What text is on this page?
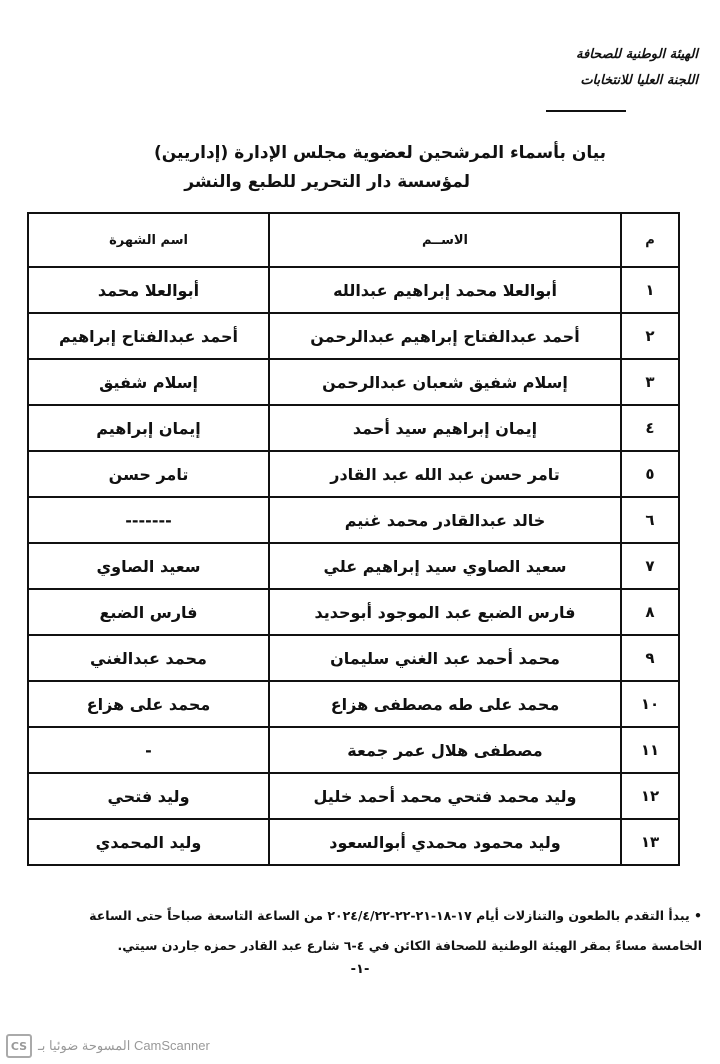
الهيئة الوطنية للصحافة
اللجنة العليا للانتخابات
بيان بأسماء المرشحين لعضوية مجلس الإدارة (إداريين)
لمؤسسة دار التحرير للطبع والنشر
م	الاســم	اسم الشهرة
١	أبوالعلا محمد إبراهيم عبدالله	أبوالعلا محمد
٢	أحمد عبدالفتاح إبراهيم عبدالرحمن	أحمد عبدالفتاح إبراهيم
٣	إسلام شفيق شعبان عبدالرحمن	إسلام شفيق
٤	إيمان إبراهيم سيد أحمد	إيمان إبراهيم
٥	تامر حسن عبد الله عبد القادر	تامر حسن
٦	خالد عبدالقادر محمد غنيم	-------
٧	سعيد الصاوي سيد إبراهيم علي	سعيد الصاوي
٨	فارس الضبع عبد الموجود أبوحديد	فارس الضبع
٩	محمد أحمد عبد الغني سليمان	محمد عبدالغني
١٠	محمد على طه مصطفى هزاع	محمد على هزاع
١١	مصطفى هلال عمر جمعة	-
١٢	وليد محمد فتحي محمد أحمد خليل	وليد فتحي
١٣	وليد محمود محمدي أبوالسعود	وليد المحمدي
• يبدأ التقدم بالطعون والتنازلات أيام ١٧-١٨-٢١-٢٢-٢٠٢٤/٤/٢٢ من الساعة التاسعة صباحاً حتى الساعة الخامسة مساءً بمقر الهيئة الوطنية للصحافة الكائن في ٤-٦ شارع عبد القادر حمزه جاردن سيتي.
-١-
CS المسوحة ضوئيا بـ CamScanner
